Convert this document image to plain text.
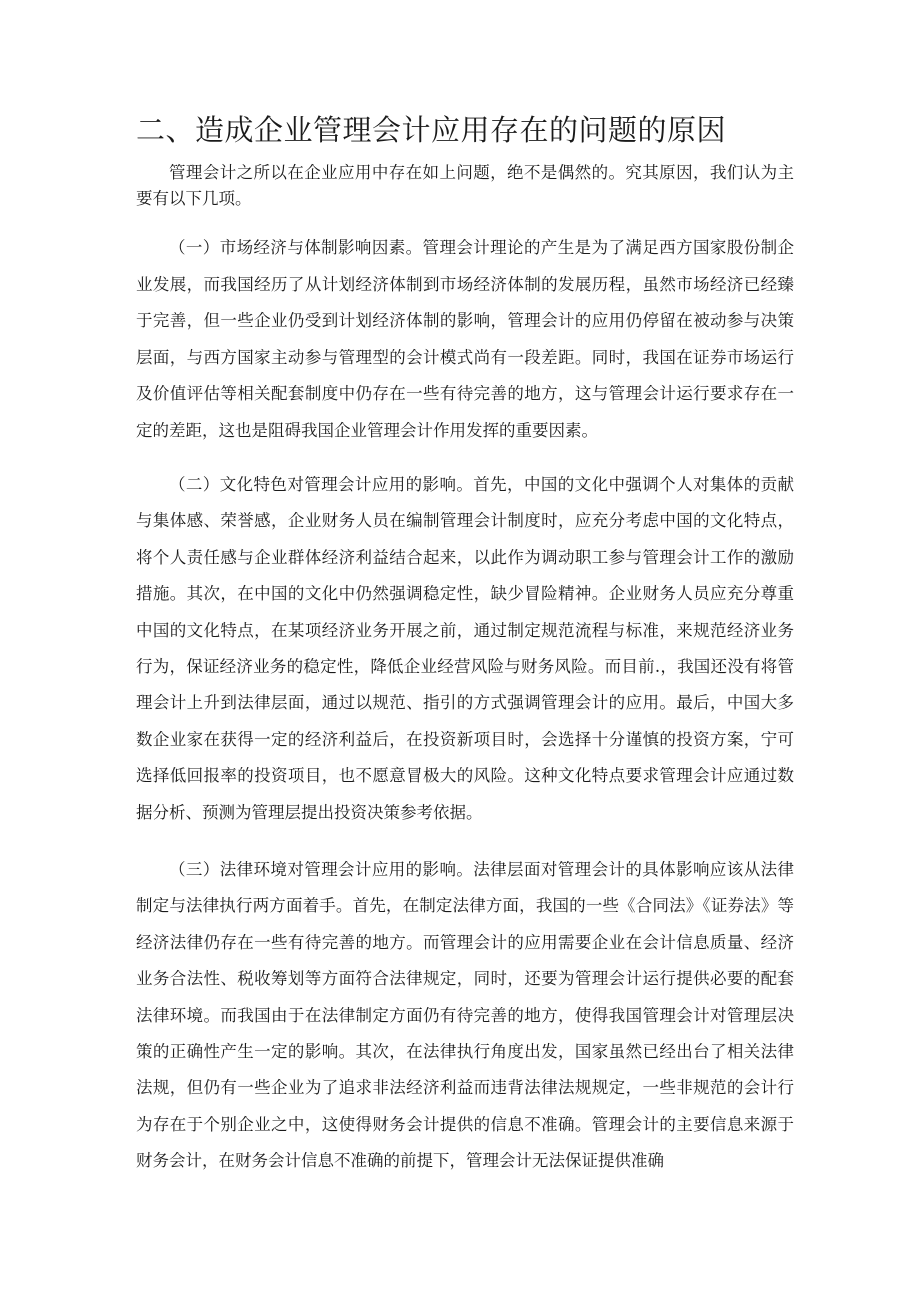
二、造成企业管理会计应用存在的问题的原因

管理会计之所以在企业应用中存在如上问题，绝不是偶然的。究其原因，我们认为主要有以下几项。

（一）市场经济与体制影响因素。管理会计理论的产生是为了满足西方国家股份制企业发展，而我国经历了从计划经济体制到市场经济体制的发展历程，虽然市场经济已经臻于完善，但一些企业仍受到计划经济体制的影响，管理会计的应用仍停留在被动参与决策层面，与西方国家主动参与管理型的会计模式尚有一段差距。同时，我国在证券市场运行及价值评估等相关配套制度中仍存在一些有待完善的地方，这与管理会计运行要求存在一定的差距，这也是阻碍我国企业管理会计作用发挥的重要因素。

（二）文化特色对管理会计应用的影响。首先，中国的文化中强调个人对集体的贡献与集体感、荣誉感，企业财务人员在编制管理会计制度时，应充分考虑中国的文化特点，将个人责任感与企业群体经济利益结合起来，以此作为调动职工参与管理会计工作的激励措施。其次，在中国的文化中仍然强调稳定性，缺少冒险精神。企业财务人员应充分尊重中国的文化特点，在某项经济业务开展之前，通过制定规范流程与标准，来规范经济业务行为，保证经济业务的稳定性，降低企业经营风险与财务风险。而目前.，我国还没有将管理会计上升到法律层面，通过以规范、指引的方式强调管理会计的应用。最后，中国大多数企业家在获得一定的经济利益后，在投资新项目时，会选择十分谨慎的投资方案，宁可选择低回报率的投资项目，也不愿意冒极大的风险。这种文化特点要求管理会计应通过数据分析、预测为管理层提出投资决策参考依据。

（三）法律环境对管理会计应用的影响。法律层面对管理会计的具体影响应该从法律制定与法律执行两方面着手。首先，在制定法律方面，我国的一些《合同法》《证券法》等经济法律仍存在一些有待完善的地方。而管理会计的应用需要企业在会计信息质量、经济业务合法性、税收筹划等方面符合法律规定，同时，还要为管理会计运行提供必要的配套法律环境。而我国由于在法律制定方面仍有待完善的地方，使得我国管理会计对管理层决策的正确性产生一定的影响。其次，在法律执行角度出发，国家虽然已经出台了相关法律法规，但仍有一些企业为了追求非法经济利益而违背法律法规规定，一些非规范的会计行为存在于个别企业之中，这使得财务会计提供的信息不准确。管理会计的主要信息来源于财务会计，在财务会计信息不准确的前提下，管理会计无法保证提供准确
